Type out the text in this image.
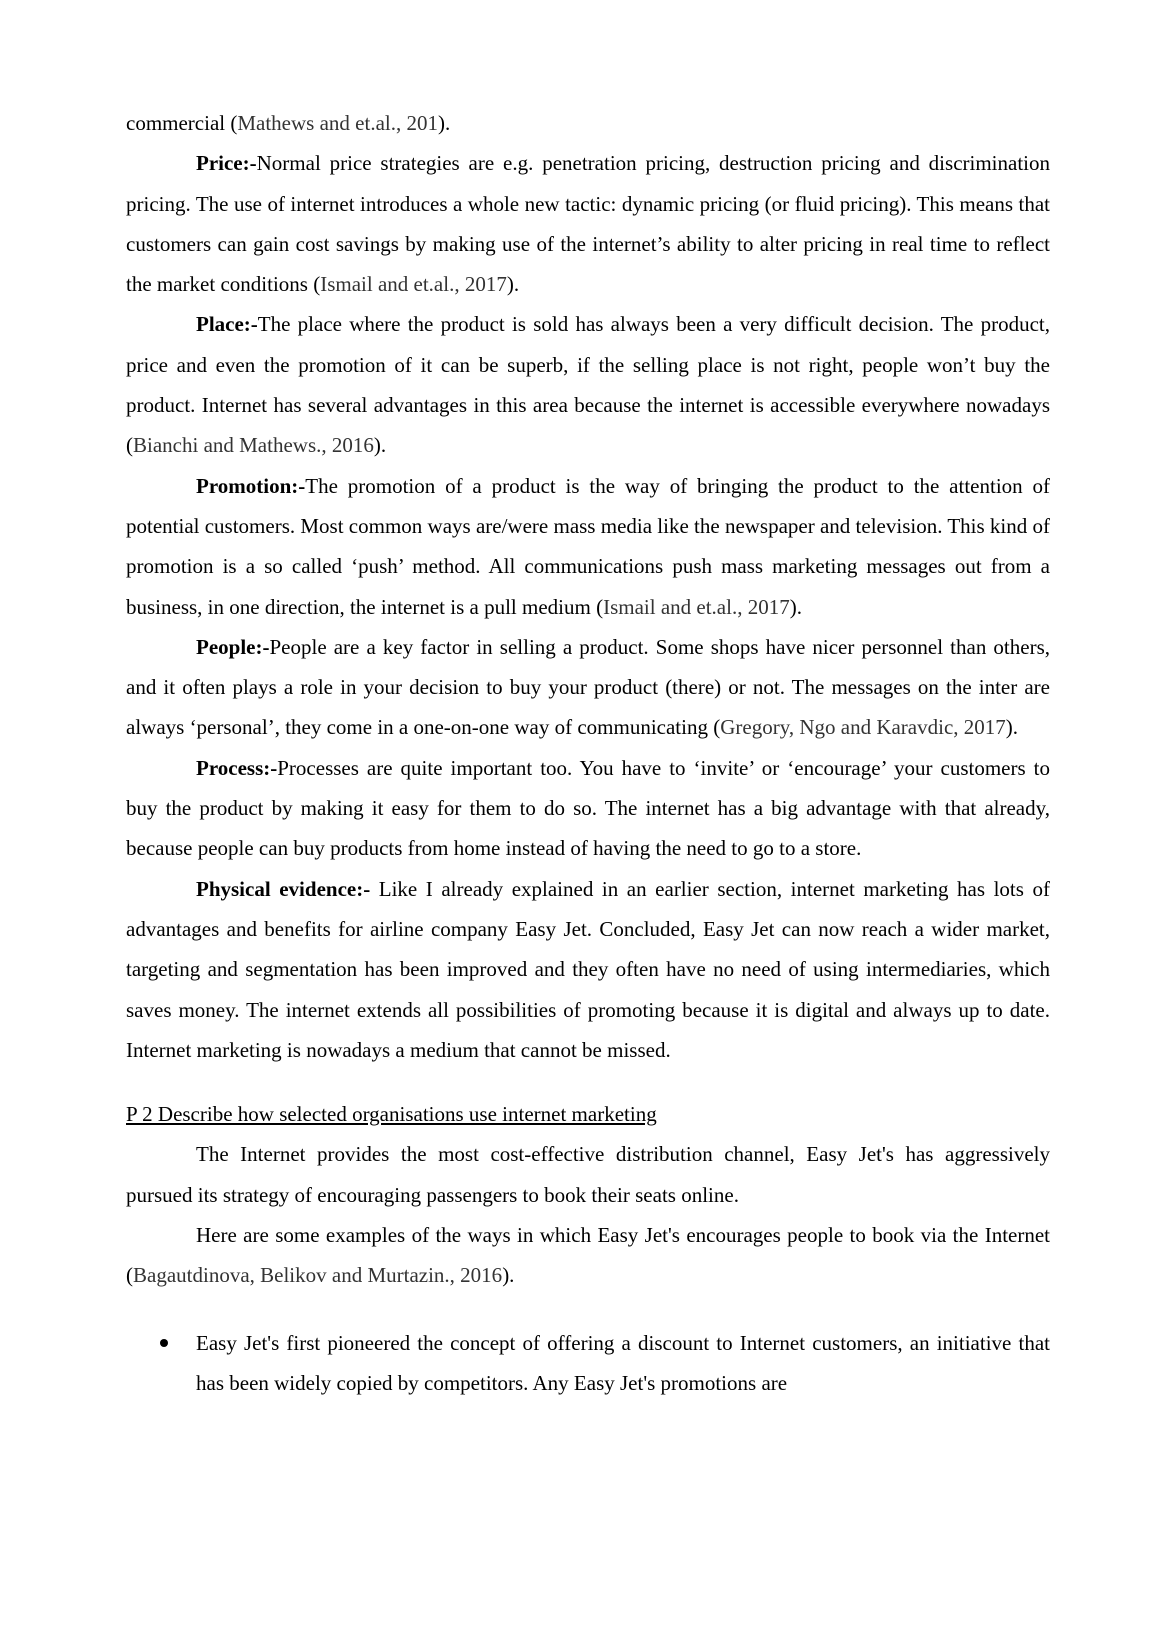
commercial (Mathews and et.al., 201).

Price:-Normal price strategies are e.g. penetration pricing, destruction pricing and discrimination pricing. The use of internet introduces a whole new tactic: dynamic pricing (or fluid pricing). This means that customers can gain cost savings by making use of the internet’s ability to alter pricing in real time to reflect the market conditions (Ismail and et.al., 2017).

Place:-The place where the product is sold has always been a very difficult decision. The product, price and even the promotion of it can be superb, if the selling place is not right, people won’t buy the product. Internet has several advantages in this area because the internet is accessible everywhere nowadays (Bianchi and Mathews., 2016).

Promotion:-The promotion of a product is the way of bringing the product to the attention of potential customers. Most common ways are/were mass media like the newspaper and television. This kind of promotion is a so called ‘push’ method. All communications push mass marketing messages out from a business, in one direction, the internet is a pull medium (Ismail and et.al., 2017).

People:-People are a key factor in selling a product. Some shops have nicer personnel than others, and it often plays a role in your decision to buy your product (there) or not. The messages on the inter are always ‘personal’, they come in a one-on-one way of communicating (Gregory, Ngo and Karavdic, 2017).

Process:-Processes are quite important too. You have to ‘invite’ or ‘encourage’ your customers to buy the product by making it easy for them to do so. The internet has a big advantage with that already, because people can buy products from home instead of having the need to go to a store.

Physical evidence:- Like I already explained in an earlier section, internet marketing has lots of advantages and benefits for airline company Easy Jet. Concluded, Easy Jet can now reach a wider market, targeting and segmentation has been improved and they often have no need of using intermediaries, which saves money. The internet extends all possibilities of promoting because it is digital and always up to date. Internet marketing is nowadays a medium that cannot be missed.

P 2 Describe how selected organisations use internet marketing

The Internet provides the most cost-effective distribution channel, Easy Jet's has aggressively pursued its strategy of encouraging passengers to book their seats online.

Here are some examples of the ways in which Easy Jet's encourages people to book via the Internet (Bagautdinova, Belikov and Murtazin., 2016).

Easy Jet's first pioneered the concept of offering a discount to Internet customers, an initiative that has been widely copied by competitors. Any Easy Jet's promotions are
